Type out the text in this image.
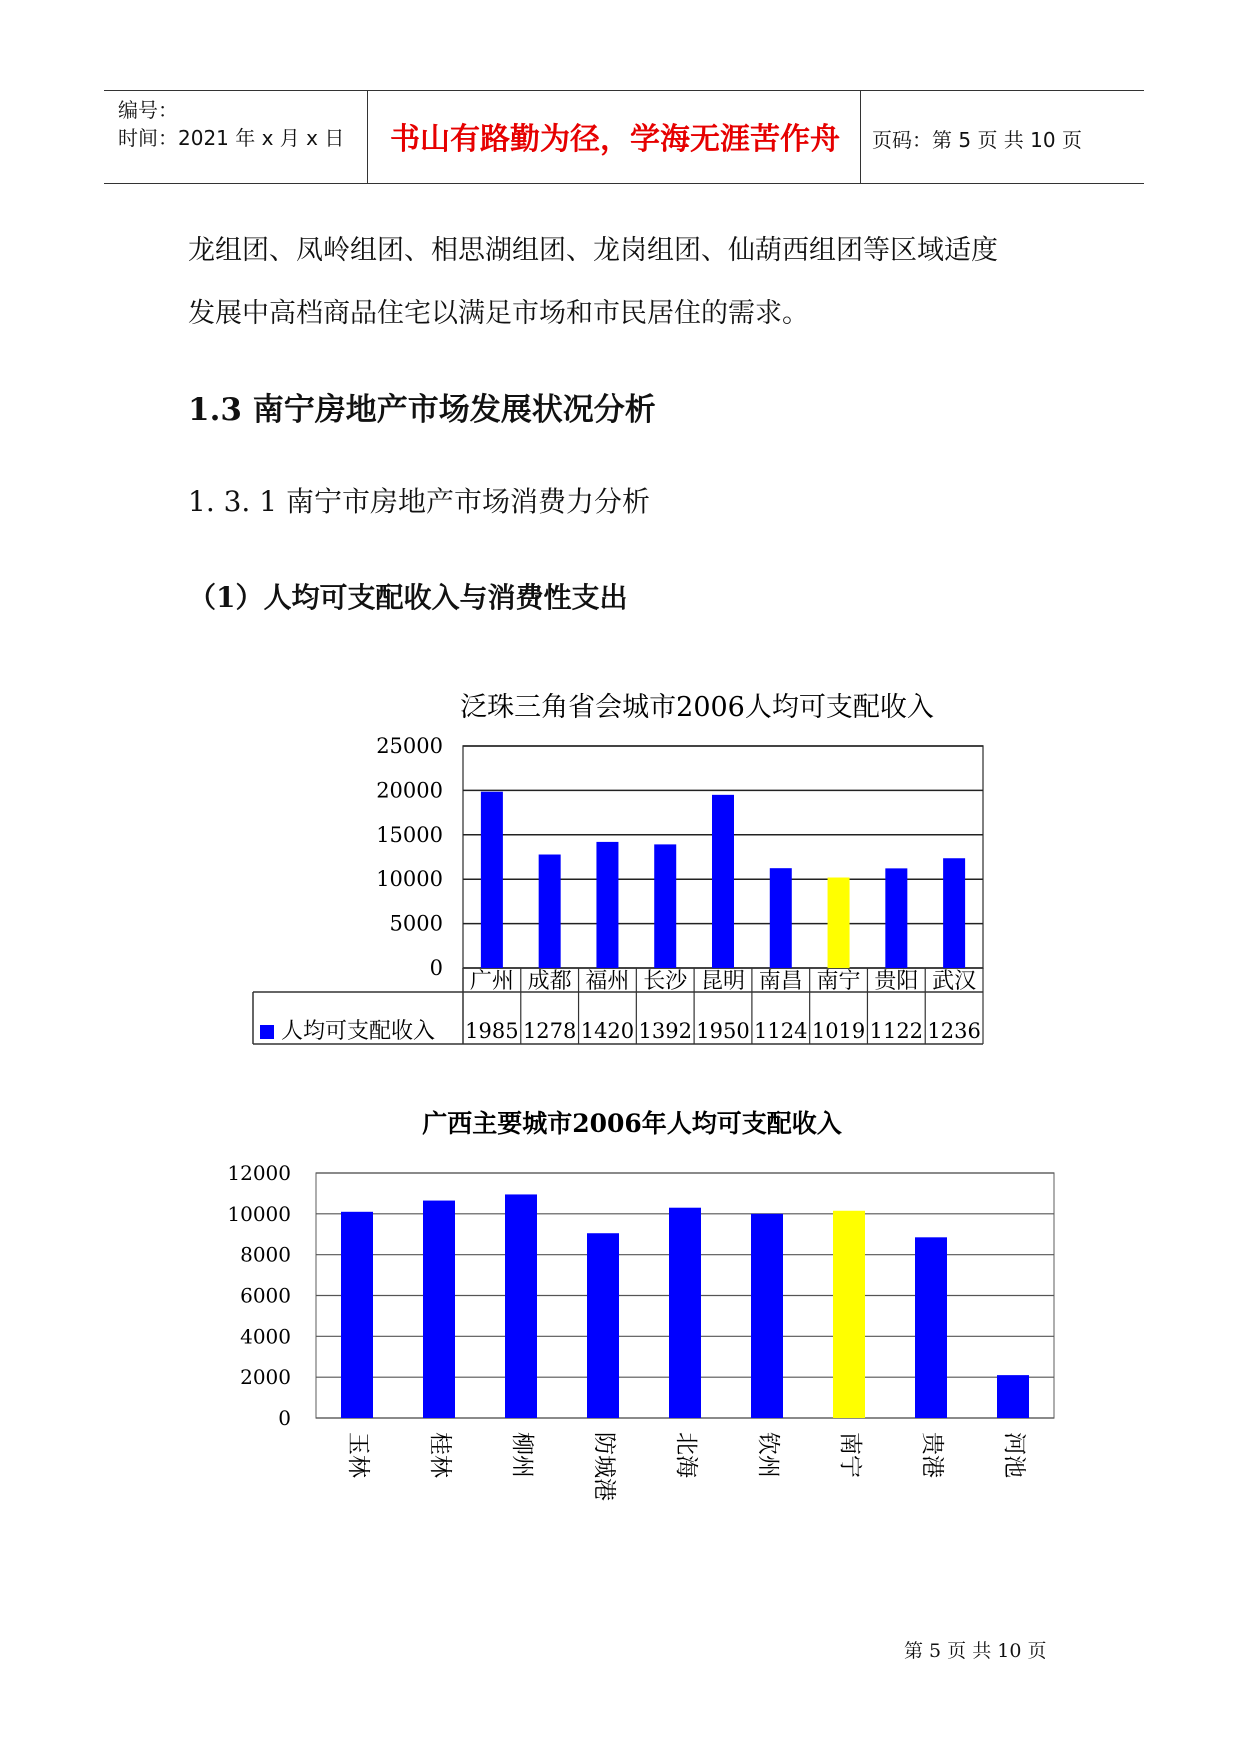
编号：
时间：2021 年 x 月 x 日	书山有路勤为径，学海无涯苦作舟	页码：第 5 页 共 10 页
龙组团、凤岭组团、相思湖组团、龙岗组团、仙葫西组团等区域适度
发展中高档商品住宅以满足市场和市民居住的需求。
1.3 南宁房地产市场发展状况分析
1. 3. 1 南宁市房地产市场消费力分析
（1）人均可支配收入与消费性支出
泛珠三角省会城市2006人均可支配收入
0
5000
10000
15000
20000
25000
广州 成都 福州 长沙 昆明 南昌 南宁 贵阳 武汉
人均可支配收入 1985 1278 1420 1392 1950 1124 1019 1122 1236
广西主要城市2006年人均可支配收入
0
2000
4000
6000
8000
10000
12000
玉林 桂林 柳州 防城港 北海 钦州 南宁 贵港 河池
第 5 页 共 10 页
